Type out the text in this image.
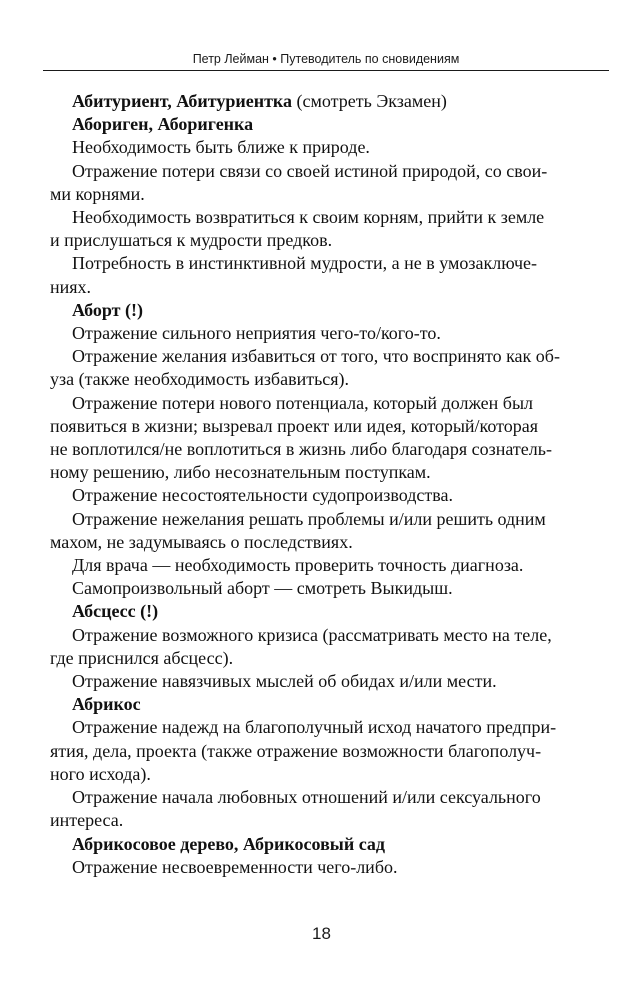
Петр Лейман • Путеводитель по сновидениям

Абитуриент, Абитуриентка (смотреть Экзамен)

Абориген, Аборигенка

Необходимость быть ближе к природе.

Отражение потери связи со своей истиной природой, со свои-

ми корнями.

Необходимость возвратиться к своим корням, прийти к земле

и прислушаться к мудрости предков.

Потребность в инстинктивной мудрости, а не в умозаключе-

ниях.

Аборт (!)

Отражение сильного неприятия чего-то/кого-то.

Отражение желания избавиться от того, что воспринято как об-

уза (также необходимость избавиться).

Отражение потери нового потенциала, который должен был

появиться в жизни; вызревал проект или идея, который/которая

не воплотился/не воплотиться в жизнь либо благодаря сознатель-

ному решению, либо несознательным поступкам.

Отражение несостоятельности судопроизводства.

Отражение нежелания решать проблемы и/или решить одним

махом, не задумываясь о последствиях.

Для врача — необходимость проверить точность диагноза.

Самопроизвольный аборт — смотреть Выкидыш.

Абсцесс (!)

Отражение возможного кризиса (рассматривать место на теле,

где приснился абсцесс).

Отражение навязчивых мыслей об обидах и/или мести.

Абрикос

Отражение надежд на благополучный исход начатого предпри-

ятия, дела, проекта (также отражение возможности благополуч-

ного исхода).

Отражение начала любовных отношений и/или сексуального

интереса.

Абрикосовое дерево, Абрикосовый сад

Отражение несвоевременности чего-либо.

18
